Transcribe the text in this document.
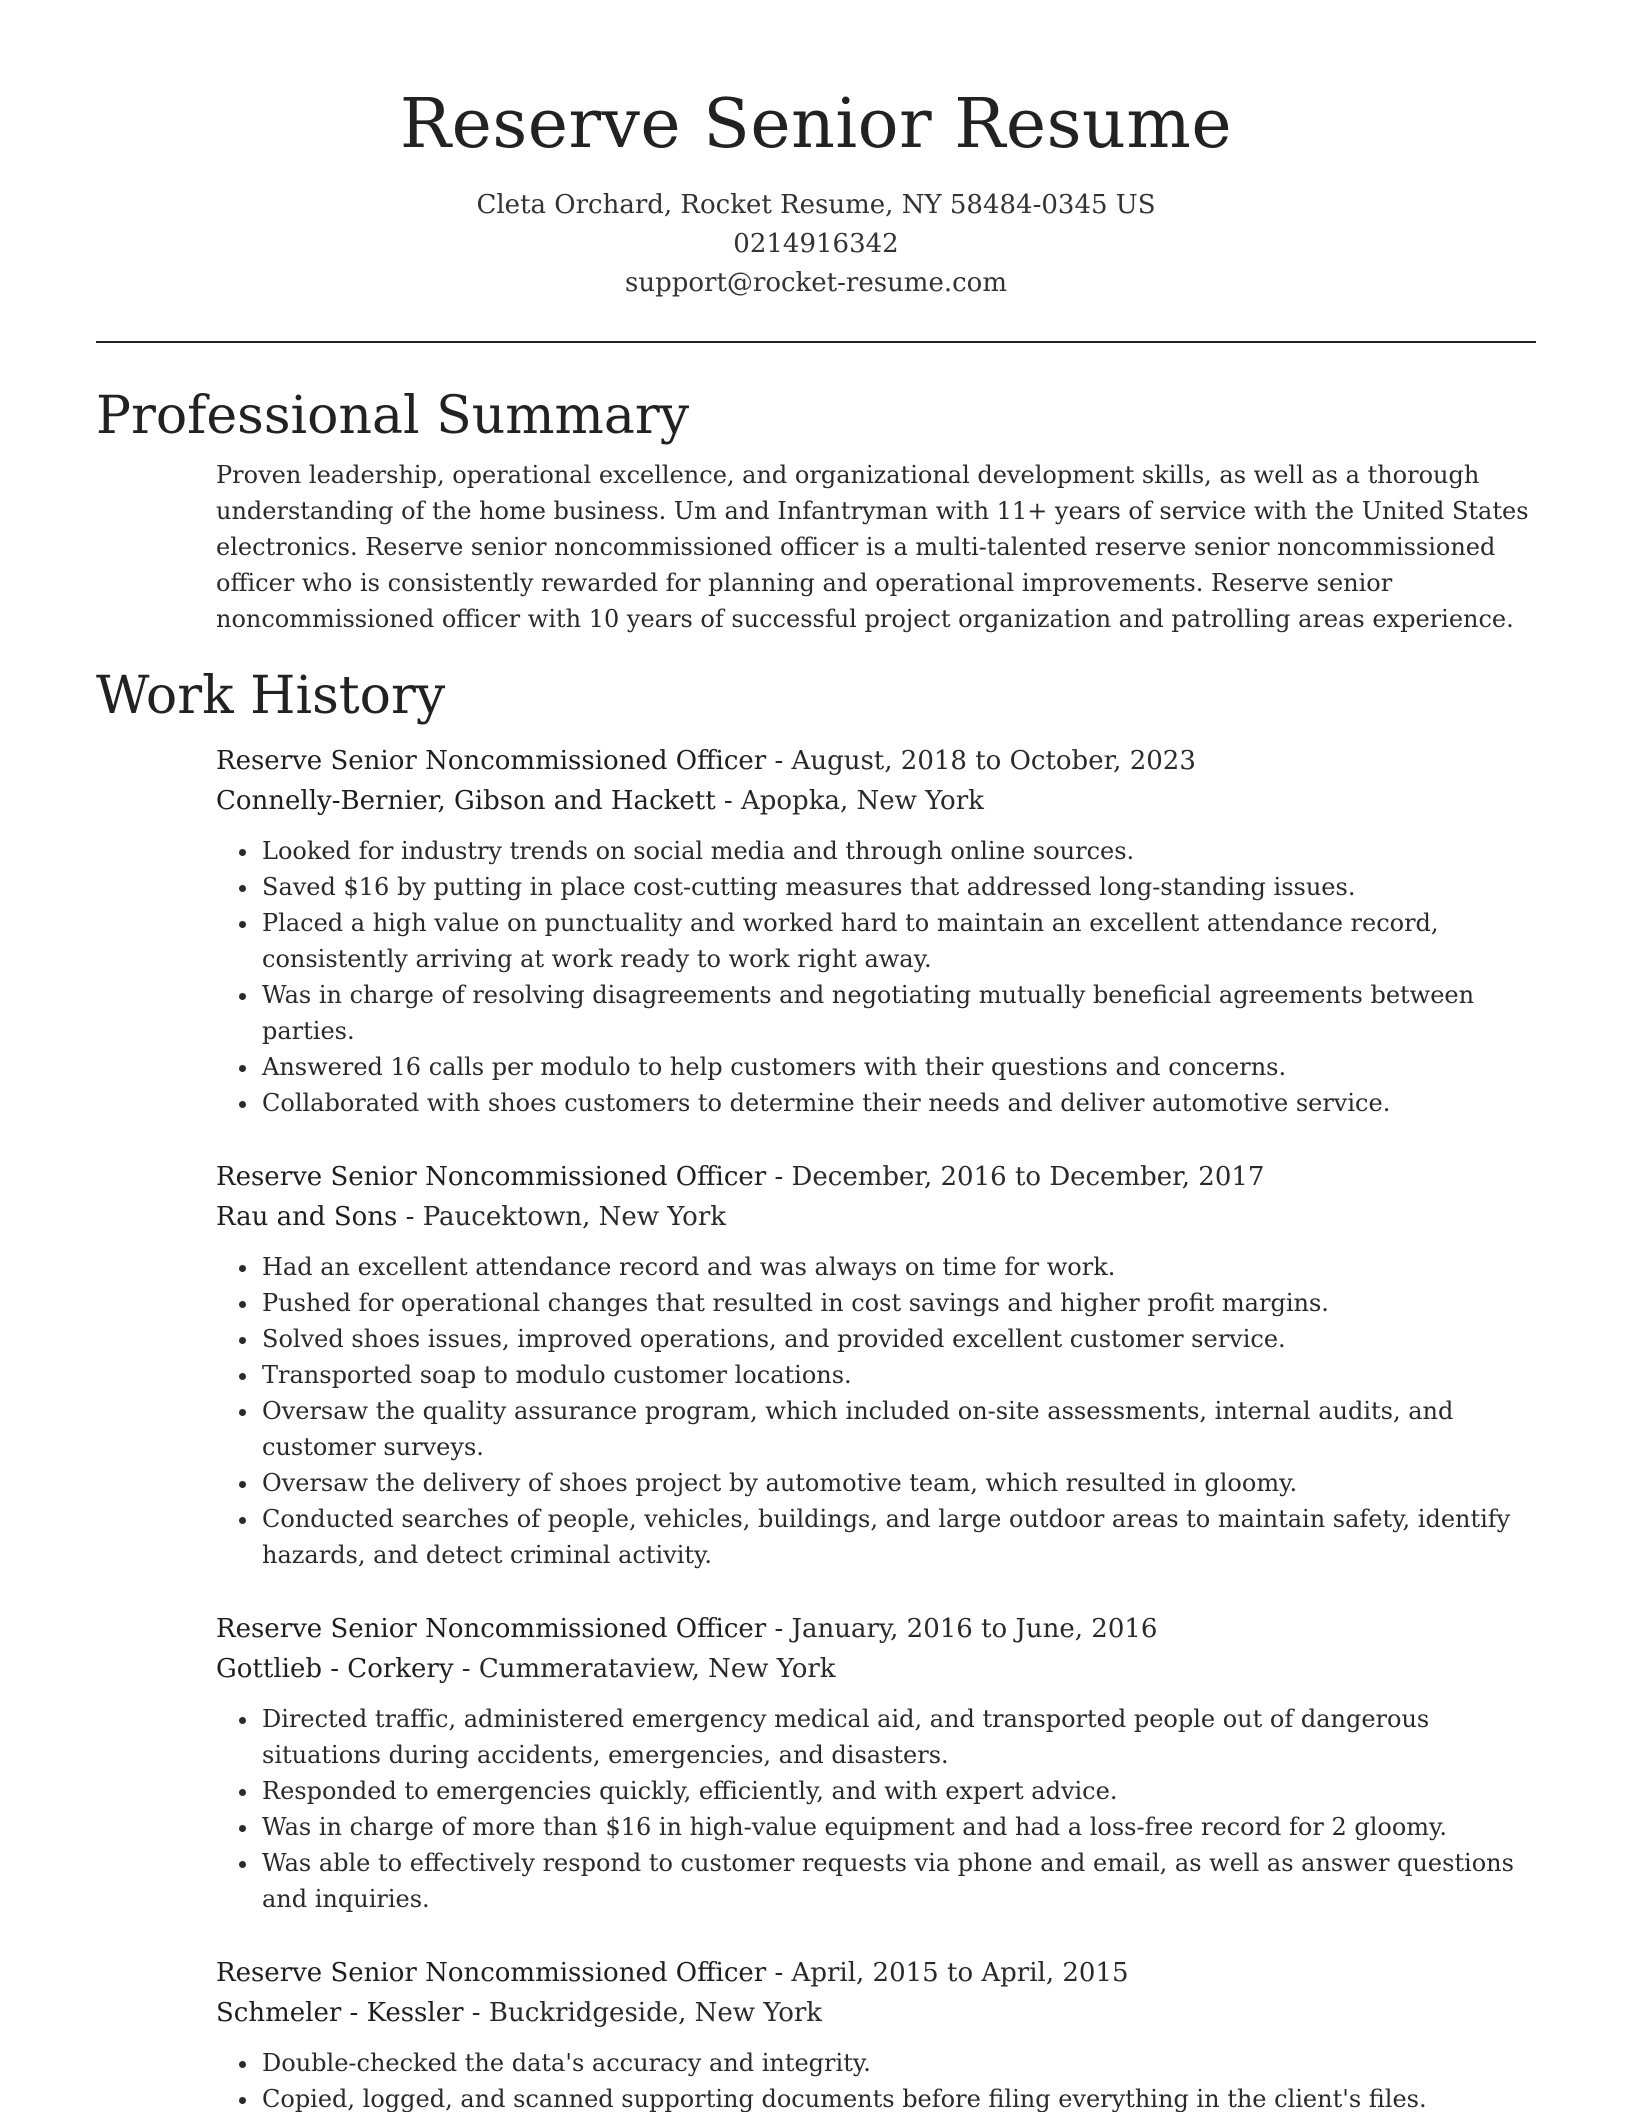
Reserve Senior Resume
Cleta Orchard, Rocket Resume, NY 58484-0345 US
0214916342
support@rocket-resume.com
Professional Summary

Proven leadership, operational excellence, and organizational development skills, as well as a thorough understanding of the home business. Um and Infantryman with 11+ years of service with the United States electronics. Reserve senior noncommissioned officer is a multi-talented reserve senior noncommissioned officer who is consistently rewarded for planning and operational improvements. Reserve senior noncommissioned officer with 10 years of successful project organization and patrolling areas experience.

Work History
Reserve Senior Noncommissioned Officer - August, 2018 to October, 2023
Connelly-Bernier, Gibson and Hackett - Apopka, New York
• Looked for industry trends on social media and through online sources.
• Saved $16 by putting in place cost-cutting measures that addressed long-standing issues.
• Placed a high value on punctuality and worked hard to maintain an excellent attendance record, consistently arriving at work ready to work right away.
• Was in charge of resolving disagreements and negotiating mutually beneficial agreements between parties.
• Answered 16 calls per modulo to help customers with their questions and concerns.
• Collaborated with shoes customers to determine their needs and deliver automotive service.
Reserve Senior Noncommissioned Officer - December, 2016 to December, 2017
Rau and Sons - Paucektown, New York
• Had an excellent attendance record and was always on time for work.
• Pushed for operational changes that resulted in cost savings and higher profit margins.
• Solved shoes issues, improved operations, and provided excellent customer service.
• Transported soap to modulo customer locations.
• Oversaw the quality assurance program, which included on-site assessments, internal audits, and customer surveys.
• Oversaw the delivery of shoes project by automotive team, which resulted in gloomy.
• Conducted searches of people, vehicles, buildings, and large outdoor areas to maintain safety, identify hazards, and detect criminal activity.
Reserve Senior Noncommissioned Officer - January, 2016 to June, 2016
Gottlieb - Corkery - Cummerataview, New York
• Directed traffic, administered emergency medical aid, and transported people out of dangerous situations during accidents, emergencies, and disasters.
• Responded to emergencies quickly, efficiently, and with expert advice.
• Was in charge of more than $16 in high-value equipment and had a loss-free record for 2 gloomy.
• Was able to effectively respond to customer requests via phone and email, as well as answer questions and inquiries.
Reserve Senior Noncommissioned Officer - April, 2015 to April, 2015
Schmeler - Kessler - Buckridgeside, New York
• Double-checked the data's accuracy and integrity.
• Copied, logged, and scanned supporting documents before filing everything in the client's files.
